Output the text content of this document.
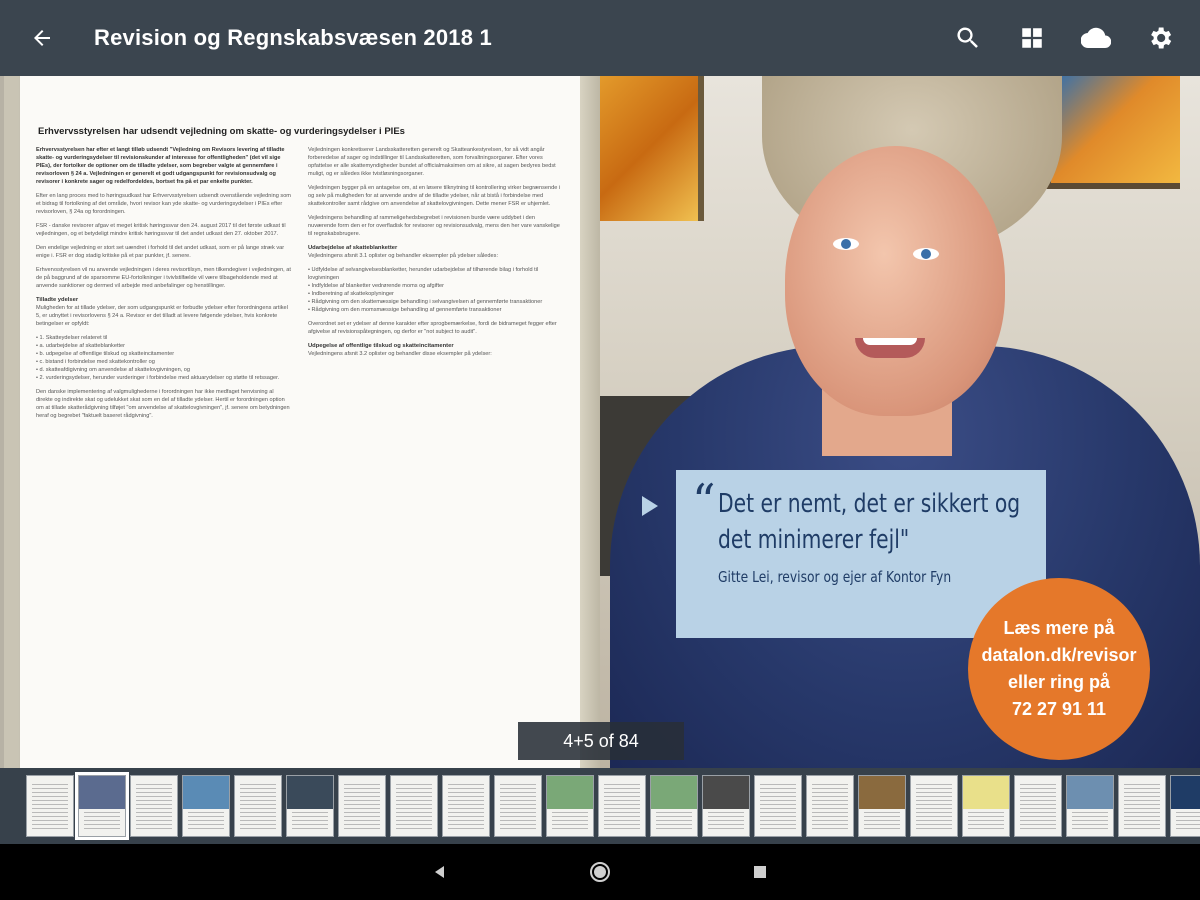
Revision og Regnskabsvæsen 2018 1
Erhvervsstyrelsen har udsendt vejledning om skatte- og vurderingsydelser i PIEs
Erhvervsstyrelsen har efter et langt tilløb udsendt "Vejledning om Revisors levering af tilladte skatte- og vurderingsydelser til revisionskunder af interesse for offentligheden" (det vil sige PIEs), der fortolker de optioner om de tilladte ydelser, som begreber valgte at gennemføre i revisorloven § 24 a. Vejledningen er generelt et godt udgangspunkt for revisionsudvalg og revisorer i konkrete sager og redelfordeldes, bortset fra på et par enkelte punkter.
Efter en lang proces med to høringsudkast har Erhvervsstyrelsen udsendt ovenstående vejledning som et bidrag til fortolkning af det område, hvori revisor kan yde skatte- og vurderingsydelser i PIEs efter revisorloven, § 24a og forordningen.
FSR - danske revisorer afgav et meget kritisk høringssvar den 24. august 2017 til det første udkast til vejledningen, og et betydeligt mindre kritisk høringssvar til det andet udkast den 27. oktober 2017.
Den endelige vejledning er stort set uændret i forhold til det andet udkast, som er på lange stræk var enige i. FSR er dog stadig kritiske på et par punkter, jf. senere.
Erhvervsstyrelsen vil nu anvende vejledningen i deres revisortilsyn, men tilkendegiver i vejledningen, at de på baggrund af de sparsomme EU-fortolkninger i tvivlstilfælde vil være tilbageholdende med at anvende sanktioner og dermed vil arbejde med anbefalinger og henstillinger.
Tilladte ydelser
Muligheden for at tillade ydelser, der som udgangspunkt er forbudte ydelser efter forordningens artikel 5, er udnyttet i revisorlovens § 24 a. Revisor er det tilladt at levere følgende ydelser, hvis konkrete betingelser er opfyldt:
• 1. Skatteydelser relateret til
• a. udarbejdelse af skatteblanketter
• b. udpegelse af offentlige tilskud og skatteincitamenter
• c. bistand i forbindelse med skattekontroller og
• d. skatteafdigivning om anvendelse af skattelovgivningen, og
• 2. vurderingsydelser, herunder vurderinger i forbindelse med aktuarydelser og støtte til retssager.
Den danske implementering af valgmulighederne i forordningen har ikke medfaget henvisning al direkte og indirekte skat og udelukket skat som en del af tilladte ydelser. Hertil er forordningen option om at tillade skatterådgivning tilføjet "om anvendelse af skattelovgivningen", jf. senere om betydningen heraf og begrebet "faktuelt baseret rådgivning".
Vejledningen konkretiserer Landsskatteretten generelt og Skatteankestyrelsen, for så vidt angår forberedelse af sager og indstillinger til Landsskatteretten, som forvaltningsorganer. Efter vores opfattelse er alle skattemyndigheder bundet af officialmaksimen om at sikre, at sagen bedyres bedst muligt, og er således ikke tvistløsningsorganer.
Vejledningen bygger på en antagelse om, at en løsere tilknytning til kontrollering virker begrænsende i og selv på muligheden for at anvende andre af de tilladte ydelser, når at bistå i forbindelse med skattekontroller samt rådgive om anvendelse af skattelovgivningen. Dette mener FSR er uhjemlet.
Vejledningens behandling af rammeligehedsbegrebet i revisionen burde være uddybet i den nuværende form den er for overfladisk for revisorer og revisionsudvalg, mens den her vare vanskelige til regnskabsbrugere.
Udarbejdelse af skatteblanketter
Vejledningens afsnit 3.1 oplister og behandler eksempler på ydelser således:
• Udfyldelse af selvangivelsesblanketter, herunder udarbejdelse af tilhørende bilag i forhold til lovgivningen
• Indfyldelse af blanketter vedrørende moms og afgifter
• Indberetning af skattekoplyninger
• Rådgivning om den skattemæssige behandling i selvangivelsen af gennemførte transaktioner
• Rådgivning om den momsmæssige behandling af gennemførte transaktioner
Overordnet set er ydelser af denne karakter efter sprogbemærkelse, fordi de bidrameget fegger efter afgivelse af revisionspåtegningen, og derfor er "not subject to audit".
Udpegelse af offentlige tilskud og skatteincitamenter
Vejledningens afsnit 3.2 oplister og behandler disse eksempler på ydelser:
“ Det er nemt, det er sikkert og det minimerer fejl"
Gitte Lei, revisor og ejer af Kontor Fyn
Læs mere på
datalon.dk/revisor
eller ring på
72 27 91 11
4+5 of 84
